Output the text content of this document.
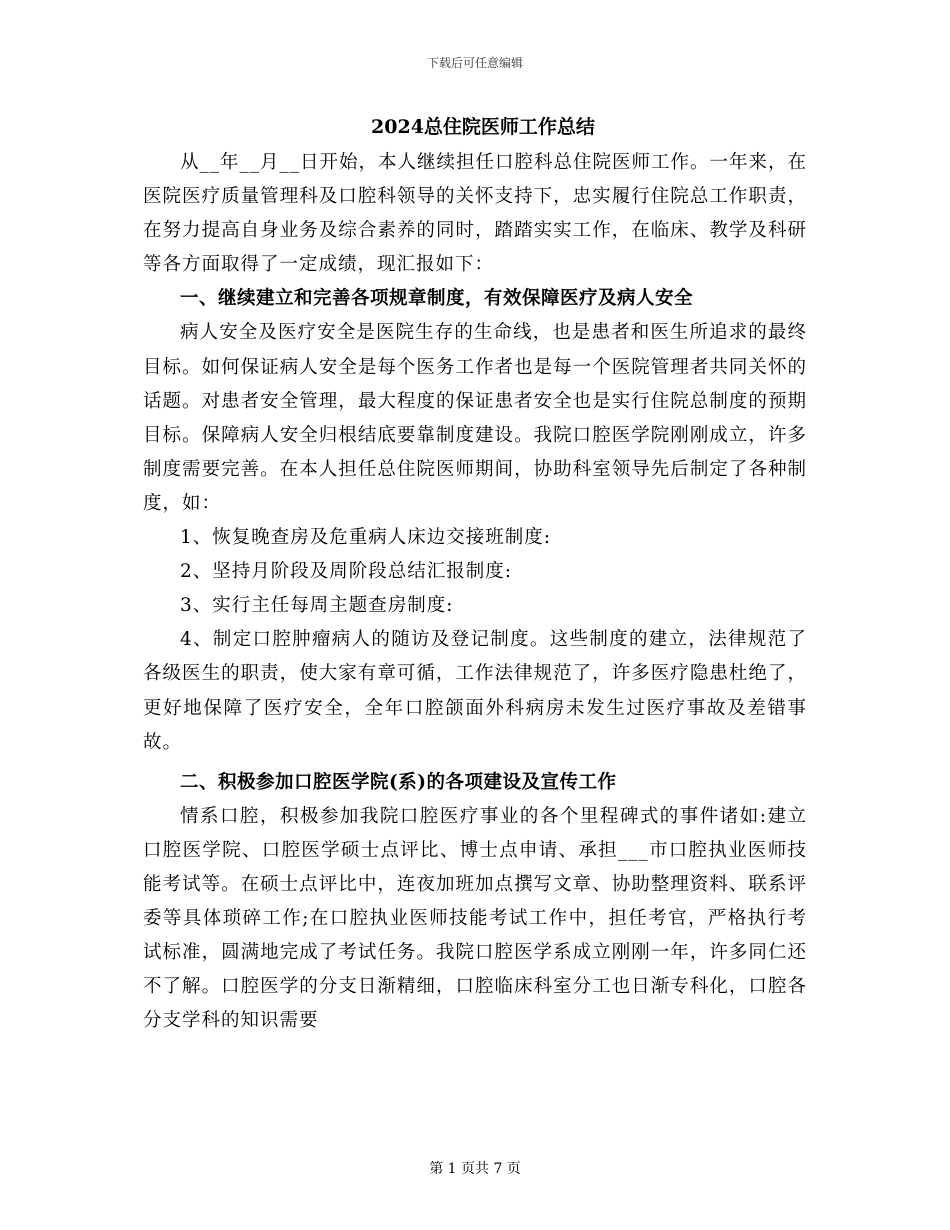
下载后可任意编辑
2024总住院医师工作总结

从__年__月__日开始，本人继续担任口腔科总住院医师工作。一年来，在医院医疗质量管理科及口腔科领导的关怀支持下，忠实履行住院总工作职责，在努力提高自身业务及综合素养的同时，踏踏实实工作，在临床、教学及科研等各方面取得了一定成绩，现汇报如下：

一、继续建立和完善各项规章制度，有效保障医疗及病人安全

病人安全及医疗安全是医院生存的生命线，也是患者和医生所追求的最终目标。如何保证病人安全是每个医务工作者也是每一个医院管理者共同关怀的话题。对患者安全管理，最大程度的保证患者安全也是实行住院总制度的预期目标。保障病人安全归根结底要靠制度建设。我院口腔医学院刚刚成立，许多制度需要完善。在本人担任总住院医师期间，协助科室领导先后制定了各种制度，如：

1、恢复晚查房及危重病人床边交接班制度:

2、坚持月阶段及周阶段总结汇报制度:

3、实行主任每周主题查房制度:

4、制定口腔肿瘤病人的随访及登记制度。这些制度的建立，法律规范了各级医生的职责，使大家有章可循，工作法律规范了，许多医疗隐患杜绝了，更好地保障了医疗安全，全年口腔颌面外科病房未发生过医疗事故及差错事故。

二、积极参加口腔医学院(系)的各项建设及宣传工作

情系口腔，积极参加我院口腔医疗事业的各个里程碑式的事件诸如:建立口腔医学院、口腔医学硕士点评比、博士点申请、承担___市口腔执业医师技能考试等。在硕士点评比中，连夜加班加点撰写文章、协助整理资料、联系评委等具体琐碎工作;在口腔执业医师技能考试工作中，担任考官，严格执行考试标准，圆满地完成了考试任务。我院口腔医学系成立刚刚一年，许多同仁还不了解。口腔医学的分支日渐精细，口腔临床科室分工也日渐专科化，口腔各分支学科的知识需要

第 1 页共 7 页
